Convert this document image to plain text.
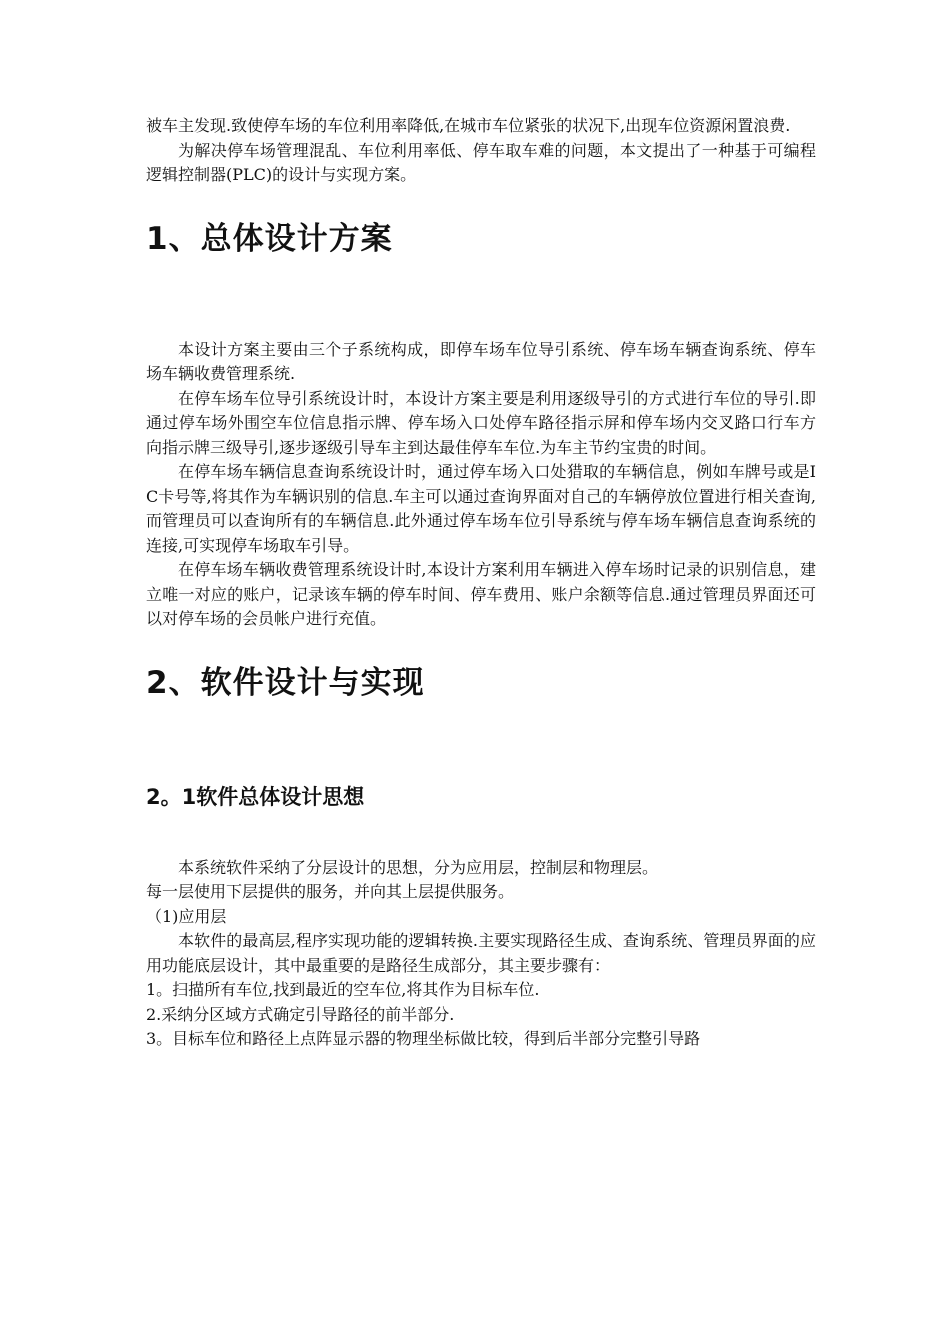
被车主发现.致使停车场的车位利用率降低,在城市车位紧张的状况下,出现车位资源闲置浪费.

为解决停车场管理混乱、车位利用率低、停车取车难的问题，本文提出了一种基于可编程逻辑控制器(PLC)的设计与实现方案。

1、总体设计方案

本设计方案主要由三个子系统构成，即停车场车位导引系统、停车场车辆查询系统、停车场车辆收费管理系统.

在停车场车位导引系统设计时，本设计方案主要是利用逐级导引的方式进行车位的导引.即通过停车场外围空车位信息指示牌、停车场入口处停车路径指示屏和停车场内交叉路口行车方向指示牌三级导引,逐步逐级引导车主到达最佳停车车位.为车主节约宝贵的时间。

在停车场车辆信息查询系统设计时，通过停车场入口处猎取的车辆信息，例如车牌号或是IC卡号等,将其作为车辆识别的信息.车主可以通过查询界面对自己的车辆停放位置进行相关查询,而管理员可以查询所有的车辆信息.此外通过停车场车位引导系统与停车场车辆信息查询系统的连接,可实现停车场取车引导。

在停车场车辆收费管理系统设计时,本设计方案利用车辆进入停车场时记录的识别信息，建立唯一对应的账户，记录该车辆的停车时间、停车费用、账户余额等信息.通过管理员界面还可以对停车场的会员帐户进行充值。

2、软件设计与实现
2。1软件总体设计思想

本系统软件采纳了分层设计的思想，分为应用层，控制层和物理层。

每一层使用下层提供的服务，并向其上层提供服务。

（1)应用层

本软件的最高层,程序实现功能的逻辑转换.主要实现路径生成、查询系统、管理员界面的应用功能底层设计，其中最重要的是路径生成部分，其主要步骤有：

1。扫描所有车位,找到最近的空车位,将其作为目标车位.

2.采纳分区域方式确定引导路径的前半部分.

3。目标车位和路径上点阵显示器的物理坐标做比较，得到后半部分完整引导路
